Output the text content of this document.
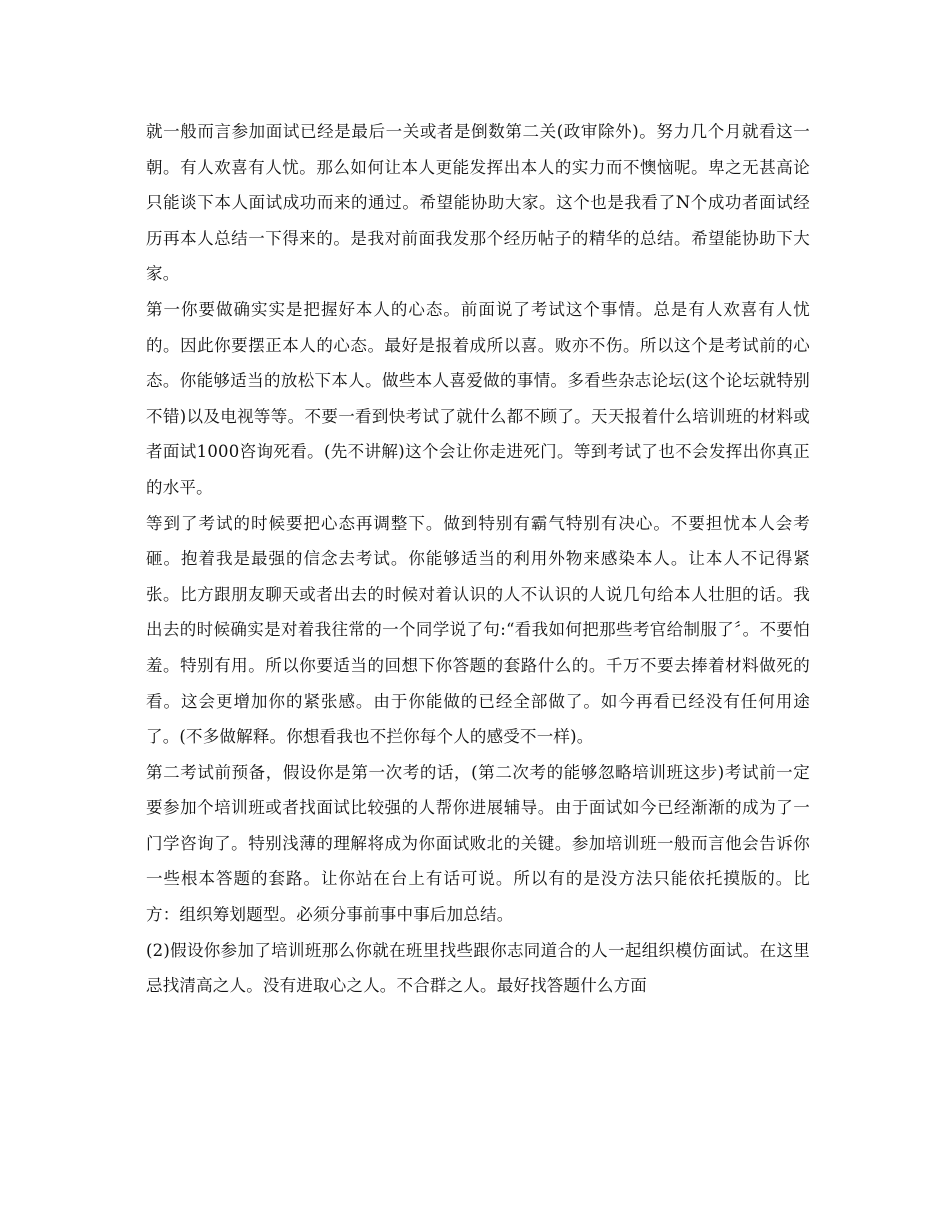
就一般而言参加面试已经是最后一关或者是倒数第二关(政审除外)。努力几个月就看这一朝。有人欢喜有人忧。那么如何让本人更能发挥出本人的实力而不懊恼呢。卑之无甚高论只能谈下本人面试成功而来的通过。希望能协助大家。这个也是我看了N个成功者面试经历再本人总结一下得来的。是我对前面我发那个经历帖子的精华的总结。希望能协助下大家。

第一你要做确实实是把握好本人的心态。前面说了考试这个事情。总是有人欢喜有人忧的。因此你要摆正本人的心态。最好是报着成所以喜。败亦不伤。所以这个是考试前的心态。你能够适当的放松下本人。做些本人喜爱做的事情。多看些杂志论坛(这个论坛就特别不错)以及电视等等。不要一看到快考试了就什么都不顾了。天天报着什么培训班的材料或者面试1000咨询死看。(先不讲解)这个会让你走进死门。等到考试了也不会发挥出你真正的水平。

等到了考试的时候要把心态再调整下。做到特别有霸气特别有决心。不要担忧本人会考砸。抱着我是最强的信念去考试。你能够适当的利用外物来感染本人。让本人不记得紧张。比方跟朋友聊天或者出去的时候对着认识的人不认识的人说几句给本人壮胆的话。我出去的时候确实是对着我往常的一个同学说了句:“看我如何把那些考官给制服了〞。不要怕羞。特别有用。所以你要适当的回想下你答题的套路什么的。千万不要去捧着材料做死的看。这会更增加你的紧张感。由于你能做的已经全部做了。如今再看已经没有任何用途了。(不多做解释。你想看我也不拦你每个人的感受不一样)。

第二考试前预备，假设你是第一次考的话，(第二次考的能够忽略培训班这步)考试前一定要参加个培训班或者找面试比较强的人帮你进展辅导。由于面试如今已经渐渐的成为了一门学咨询了。特别浅薄的理解将成为你面试败北的关键。参加培训班一般而言他会告诉你一些根本答题的套路。让你站在台上有话可说。所以有的是没方法只能依托摸版的。比方：组织筹划题型。必须分事前事中事后加总结。

(2)假设你参加了培训班那么你就在班里找些跟你志同道合的人一起组织模仿面试。在这里忌找清高之人。没有进取心之人。不合群之人。最好找答题什么方面
